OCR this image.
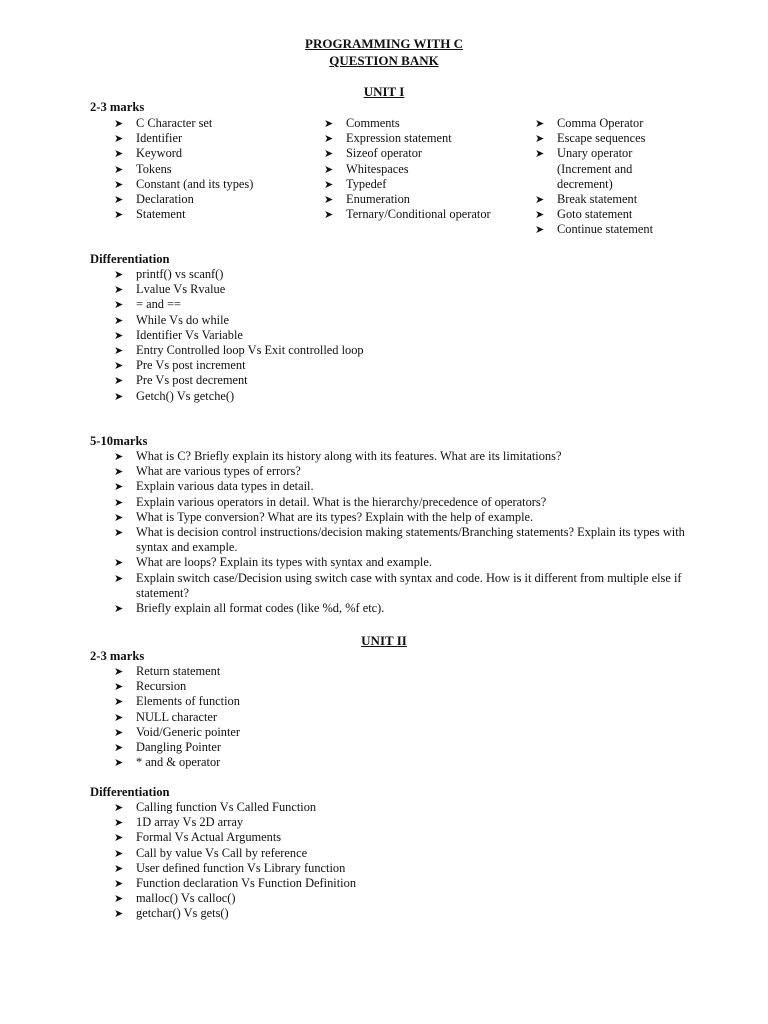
PROGRAMMING WITH C
QUESTION BANK
UNIT I
2-3 marks
➤ C Character set
➤ Identifier
➤ Keyword
➤ Tokens
➤ Constant (and its types)
➤ Declaration
➤ Statement
➤ Comments
➤ Expression statement
➤ Sizeof operator
➤ Whitespaces
➤ Typedef
➤ Enumeration
➤ Ternary/Conditional operator
➤ Comma Operator
➤ Escape sequences
➤ Unary operator (Increment and decrement)
➤ Break statement
➤ Goto statement
➤ Continue statement
Differentiation
➤ printf() vs scanf()
➤ Lvalue Vs Rvalue
➤ = and ==
➤ While Vs do while
➤ Identifier Vs Variable
➤ Entry Controlled loop Vs Exit controlled loop
➤ Pre Vs post increment
➤ Pre Vs post decrement
➤ Getch() Vs getche()
5-10marks
➤ What is C? Briefly explain its history along with its features. What are its limitations?
➤ What are various types of errors?
➤ Explain various data types in detail.
➤ Explain various operators in detail. What is the hierarchy/precedence of operators?
➤ What is Type conversion? What are its types? Explain with the help of example.
➤ What is decision control instructions/decision making statements/Branching statements? Explain its types with syntax and example.
➤ What are loops? Explain its types with syntax and example.
➤ Explain switch case/Decision using switch case with syntax and code. How is it different from multiple else if statement?
➤ Briefly explain all format codes (like %d, %f etc).
UNIT II
2-3 marks
➤ Return statement
➤ Recursion
➤ Elements of function
➤ NULL character
➤ Void/Generic pointer
➤ Dangling Pointer
➤ * and & operator
Differentiation
➤ Calling function Vs Called Function
➤ 1D array Vs 2D array
➤ Formal Vs Actual Arguments
➤ Call by value Vs Call by reference
➤ User defined function Vs Library function
➤ Function declaration Vs Function Definition
➤ malloc() Vs calloc()
➤ getchar() Vs gets()
